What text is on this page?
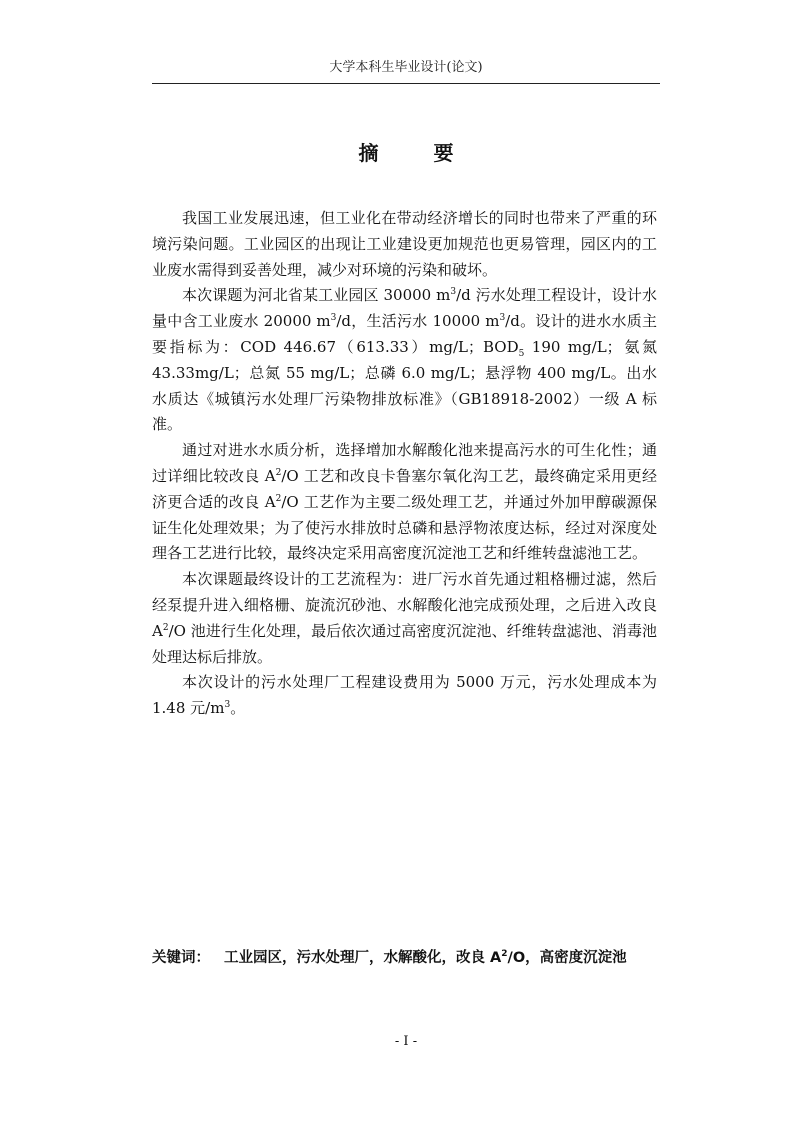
大学本科生毕业设计(论文)
摘 要

我国工业发展迅速，但工业化在带动经济增长的同时也带来了严重的环境污染问题。工业园区的出现让工业建设更加规范也更易管理，园区内的工业废水需得到妥善处理，减少对环境的污染和破坏。

本次课题为河北省某工业园区 30000 $m^3/d$ 污水处理工程设计，设计水量中含工业废水 20000 $m^3/d$，生活污水 10000 $m^3/d$。设计的进水水质主要指标为：COD 446.67（613.33）mg/L；$BOD_5$ 190 mg/L；氨氮 43.33mg/L；总氮 55 mg/L；总磷 6.0 mg/L；悬浮物 400 mg/L。出水水质达《城镇污水处理厂污染物排放标准》（GB18918-2002）一级 A 标准。

通过对进水水质分析，选择增加水解酸化池来提高污水的可生化性；通过详细比较改良 $A^2/O$ 工艺和改良卡鲁塞尔氧化沟工艺，最终确定采用更经济更合适的改良 $A^2/O$ 工艺作为主要二级处理工艺，并通过外加甲醇碳源保证生化处理效果；为了使污水排放时总磷和悬浮物浓度达标，经过对深度处理各工艺进行比较，最终决定采用高密度沉淀池工艺和纤维转盘滤池工艺。

本次课题最终设计的工艺流程为：进厂污水首先通过粗格栅过滤，然后经泵提升进入细格栅、旋流沉砂池、水解酸化池完成预处理，之后进入改良 $A^2/O$ 池进行生化处理，最后依次通过高密度沉淀池、纤维转盘滤池、消毒池处理达标后排放。

本次设计的污水处理厂工程建设费用为 5000 万元，污水处理成本为 1.48 元$/m^3$。

关键词： 工业园区，污水处理厂，水解酸化，改良 $A^2/O$，高密度沉淀池
- I -
